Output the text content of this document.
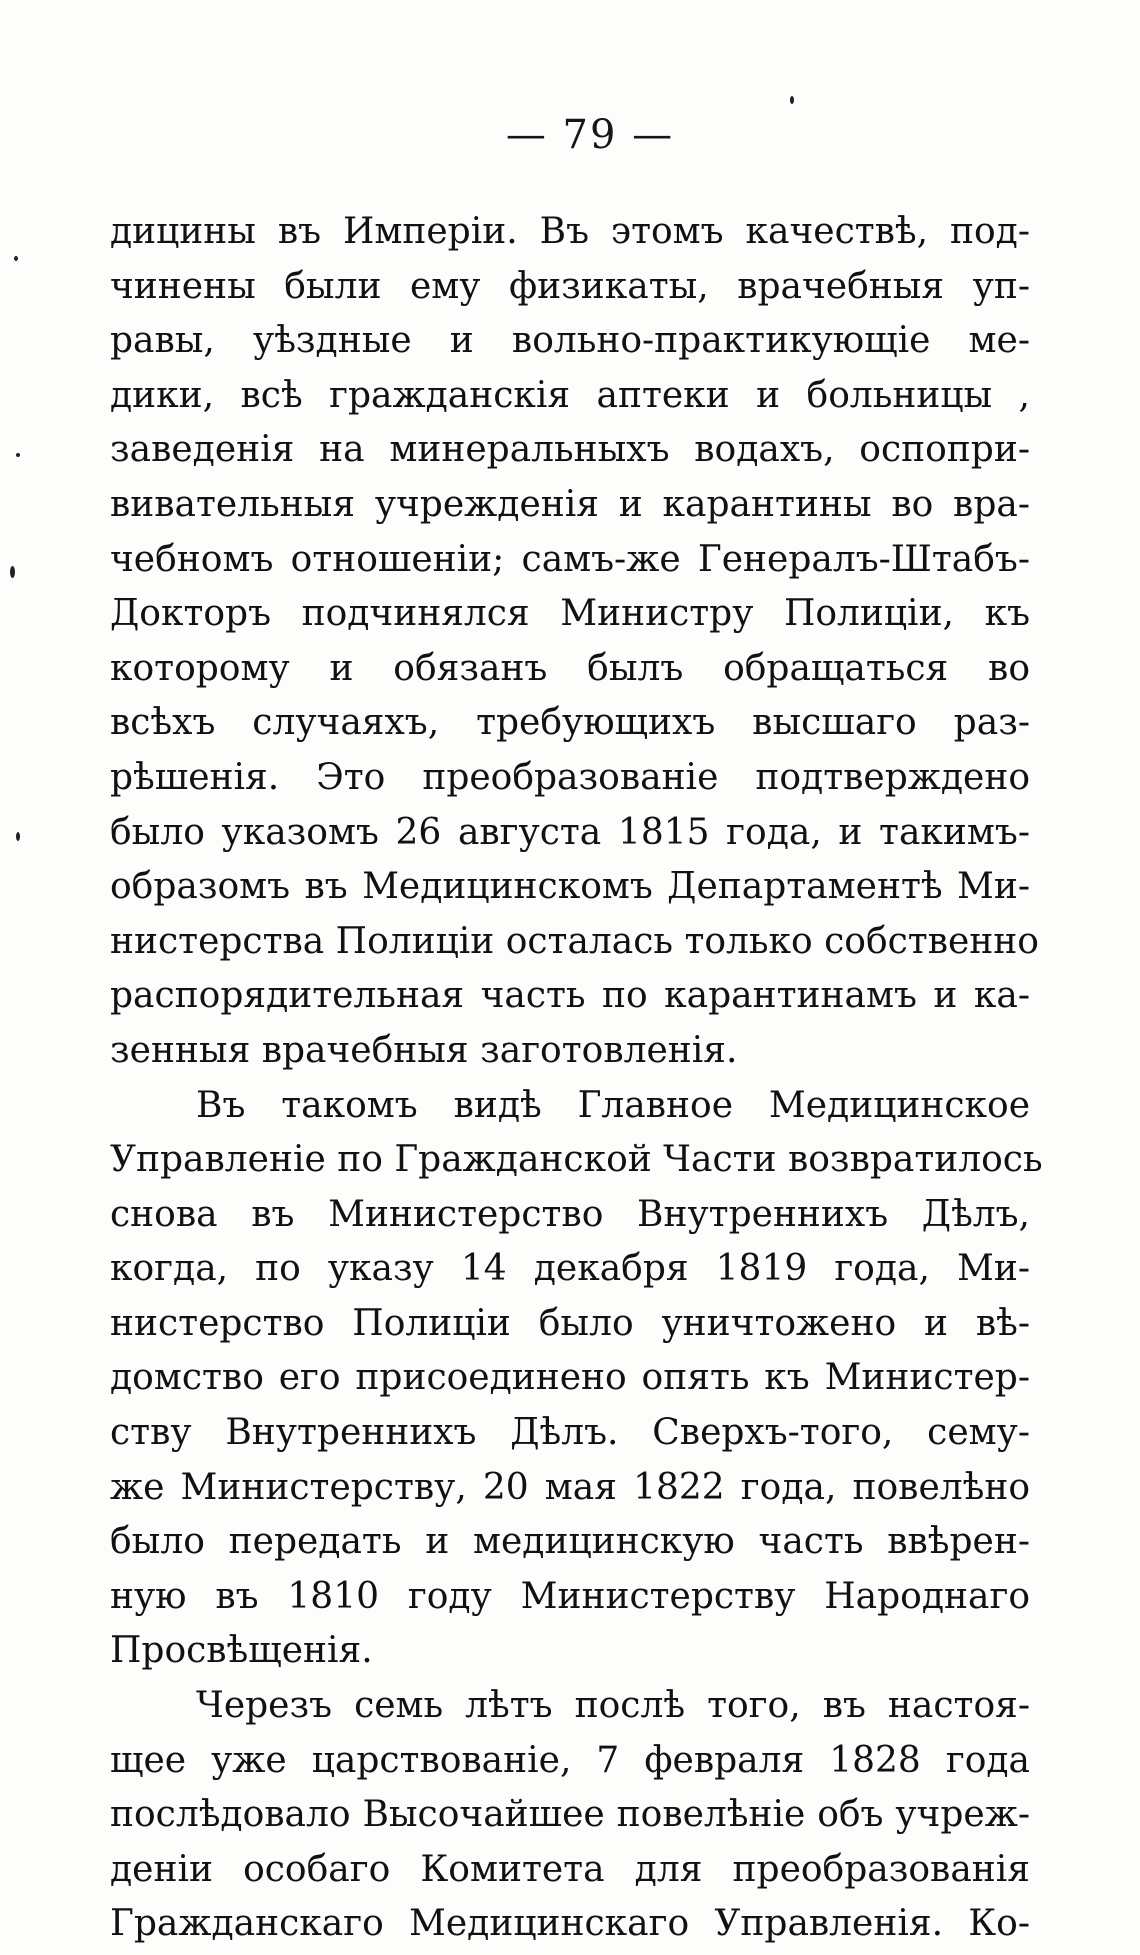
— 79 —
дицины въ Имперіи. Въ этомъ качествѣ, под-
чинены были ему физикаты, врачебныя уп-
равы, уѣздные и вольно-практикующіе ме-
дики, всѣ гражданскія аптеки и больницы ,
заведенія на минеральныхъ водахъ, оспопри-
вивательныя учрежденія и карантины во вра-
чебномъ отношеніи; самъ-же Генералъ-Штабъ-
Докторъ подчинялся Министру Полиціи, къ
которому и обязанъ былъ обращаться во
всѣхъ случаяхъ, требующихъ высшаго раз-
рѣшенія. Это преобразованіе подтверждено
было указомъ 26 августа 1815 года, и такимъ-
образомъ въ Медицинскомъ Департаментѣ Ми-
нистерства Полиціи осталась только собственно
распорядительная часть по карантинамъ и ка-
зенныя врачебныя заготовленія.
Въ такомъ видѣ Главное Медицинское
Управленіе по Гражданской Части возвратилось
снова въ Министерство Внутреннихъ Дѣлъ,
когда, по указу 14 декабря 1819 года, Ми-
нистерство Полиціи было уничтожено и вѣ-
домство его присоединено опять къ Министер-
ству Внутреннихъ Дѣлъ. Сверхъ-того, сему-
же Министерству, 20 мая 1822 года, повелѣно
было передать и медицинскую часть ввѣрен-
ную въ 1810 году Министерству Народнаго
Просвѣщенія.
Черезъ семь лѣтъ послѣ того, въ настоя-
щее уже царствованіе, 7 февраля 1828 года
послѣдовало Высочайшее повелѣніе объ учреж-
деніи особаго Комитета для преобразованія
Гражданскаго Медицинскаго Управленія. Ко-
